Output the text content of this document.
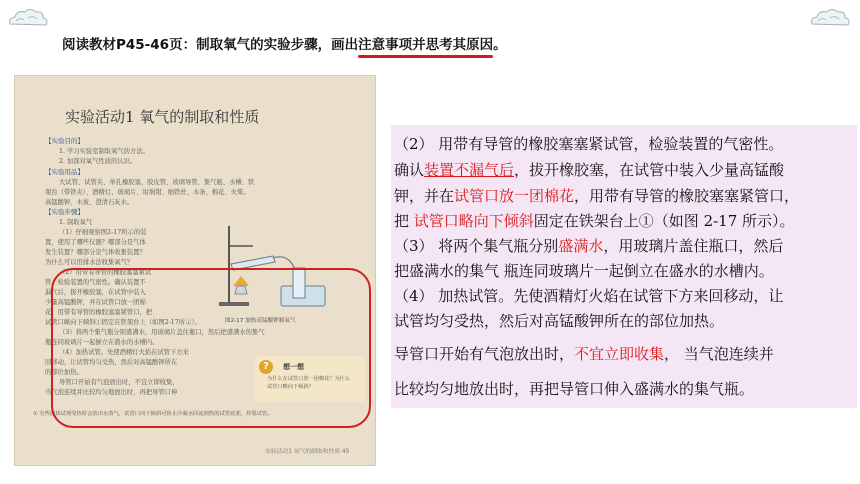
阅读教材P45-46页：制取氧气的实验步骤，画出注意事项并思考其原因。
实验活动1 氧气的制取和性质
【实验目的】
1. 学习实验室制取氧气的方法。
2. 加深对氧气性质的认识。
【实验用品】
大试管、试管夹、单孔橡胶塞、胶皮管、玻璃导管、集气瓶、水槽、铁
架台（带铁夹）、酒精灯、玻璃片、坩埚钳、细铁丝、木条、棉花、火柴。
高锰酸钾、木炭、澄清石灰水。
【实验步骤】
1. 制取氧气
（1）仔细观察图2-17所示的装
置，使用了哪些仪器？哪部分是气体
发生装置？哪部分是气体收集装置？
为什么可以用排水法收集氧气？
（2）用带有导管的橡胶塞塞紧试
管，检验装置的气密性。确认装置不
漏气后，拔开橡胶塞，在试管中装入
少量高锰酸钾，并在试管口放一团棉
花，用带有导管的橡胶塞塞紧管口，把
试管口略向下倾斜①固定在铁架台上（如图2-17所示）。
（3）将两个集气瓶分别盛满水，用玻璃片盖住瓶口，然后把盛满水的集气
瓶连同玻璃片一起倒立在盛水的水槽内。
（4）加热试管。先使酒精灯火焰在试管下方来
回移动，让试管均匀受热，然后对高锰酸钾所在
的部位加热。
导管口开始有气泡放出时，不宜立即收集，
当气泡连续并比较均匀地放出时，再把导管口伸
图2-17 加热高锰酸钾制氧气
?	想一想
为什么在试管口放一团棉花？为什么试管口略向下倾斜？
① 有些固体试剂受热时会放出水蒸气，试管口向下倾斜可防止冷凝水回流到热的试管底部，炸裂试管。
实验活动1 氧气的制取和性质 45
（2） 用带有导管的橡胶塞塞紧试管，检验装置的气密性。
确认装置不漏气后，拔开橡胶塞，在试管中装入少量高锰酸
钾，并在试管口放一团棉花，用带有导管的橡胶塞塞紧管口，
把 试管口略向下倾斜固定在铁架台上①（如图 2-17 所示）。
（3） 将两个集气瓶分别盛满水，用玻璃片盖住瓶口，然后
把盛满水的集气 瓶连同玻璃片一起倒立在盛水的水槽内。
（4） 加热试管。先使酒精灯火焰在试管下方来回移动，让
试管均匀受热，然后对高锰酸钾所在的部位加热。
导管口开始有气泡放出时，不宜立即收集， 当气泡连续并
比较均匀地放出时，再把导管口伸入盛满水的集气瓶。
